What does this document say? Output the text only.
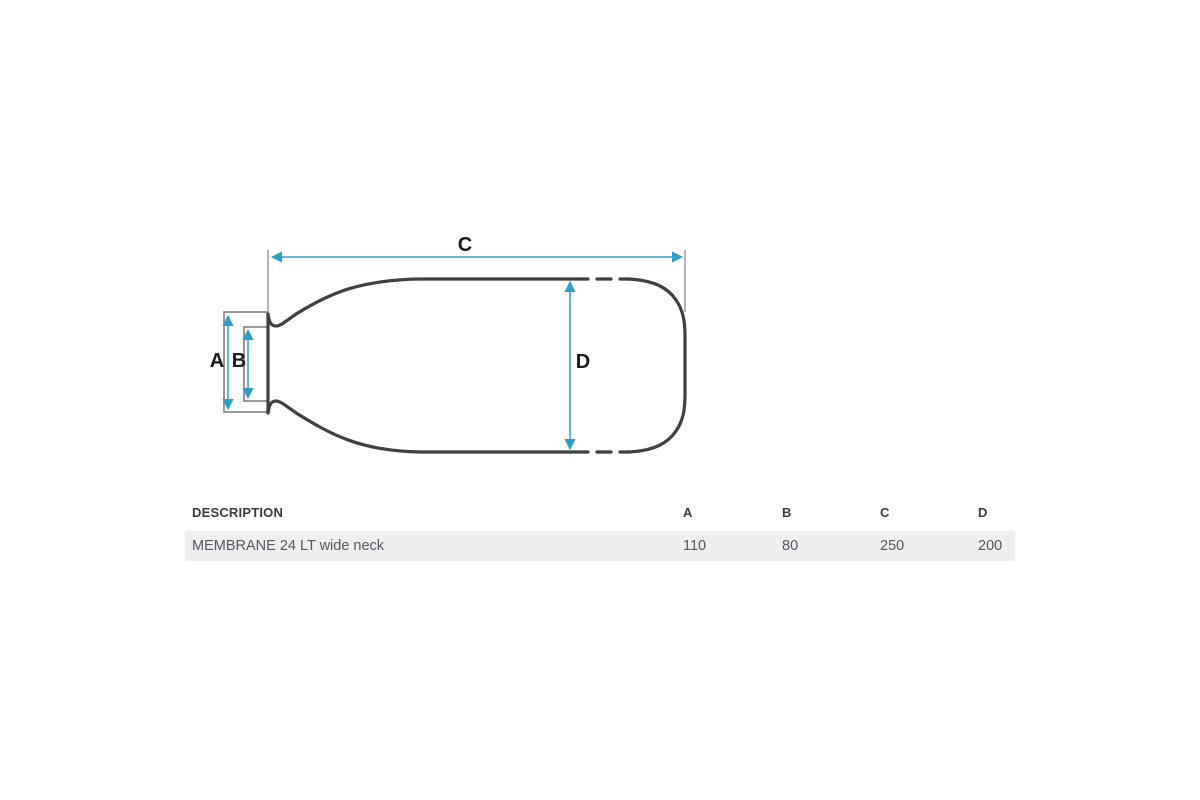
A B
C
D
DESCRIPTION	A	B	C	D
MEMBRANE 24 LT wide neck	110	80	250	200
